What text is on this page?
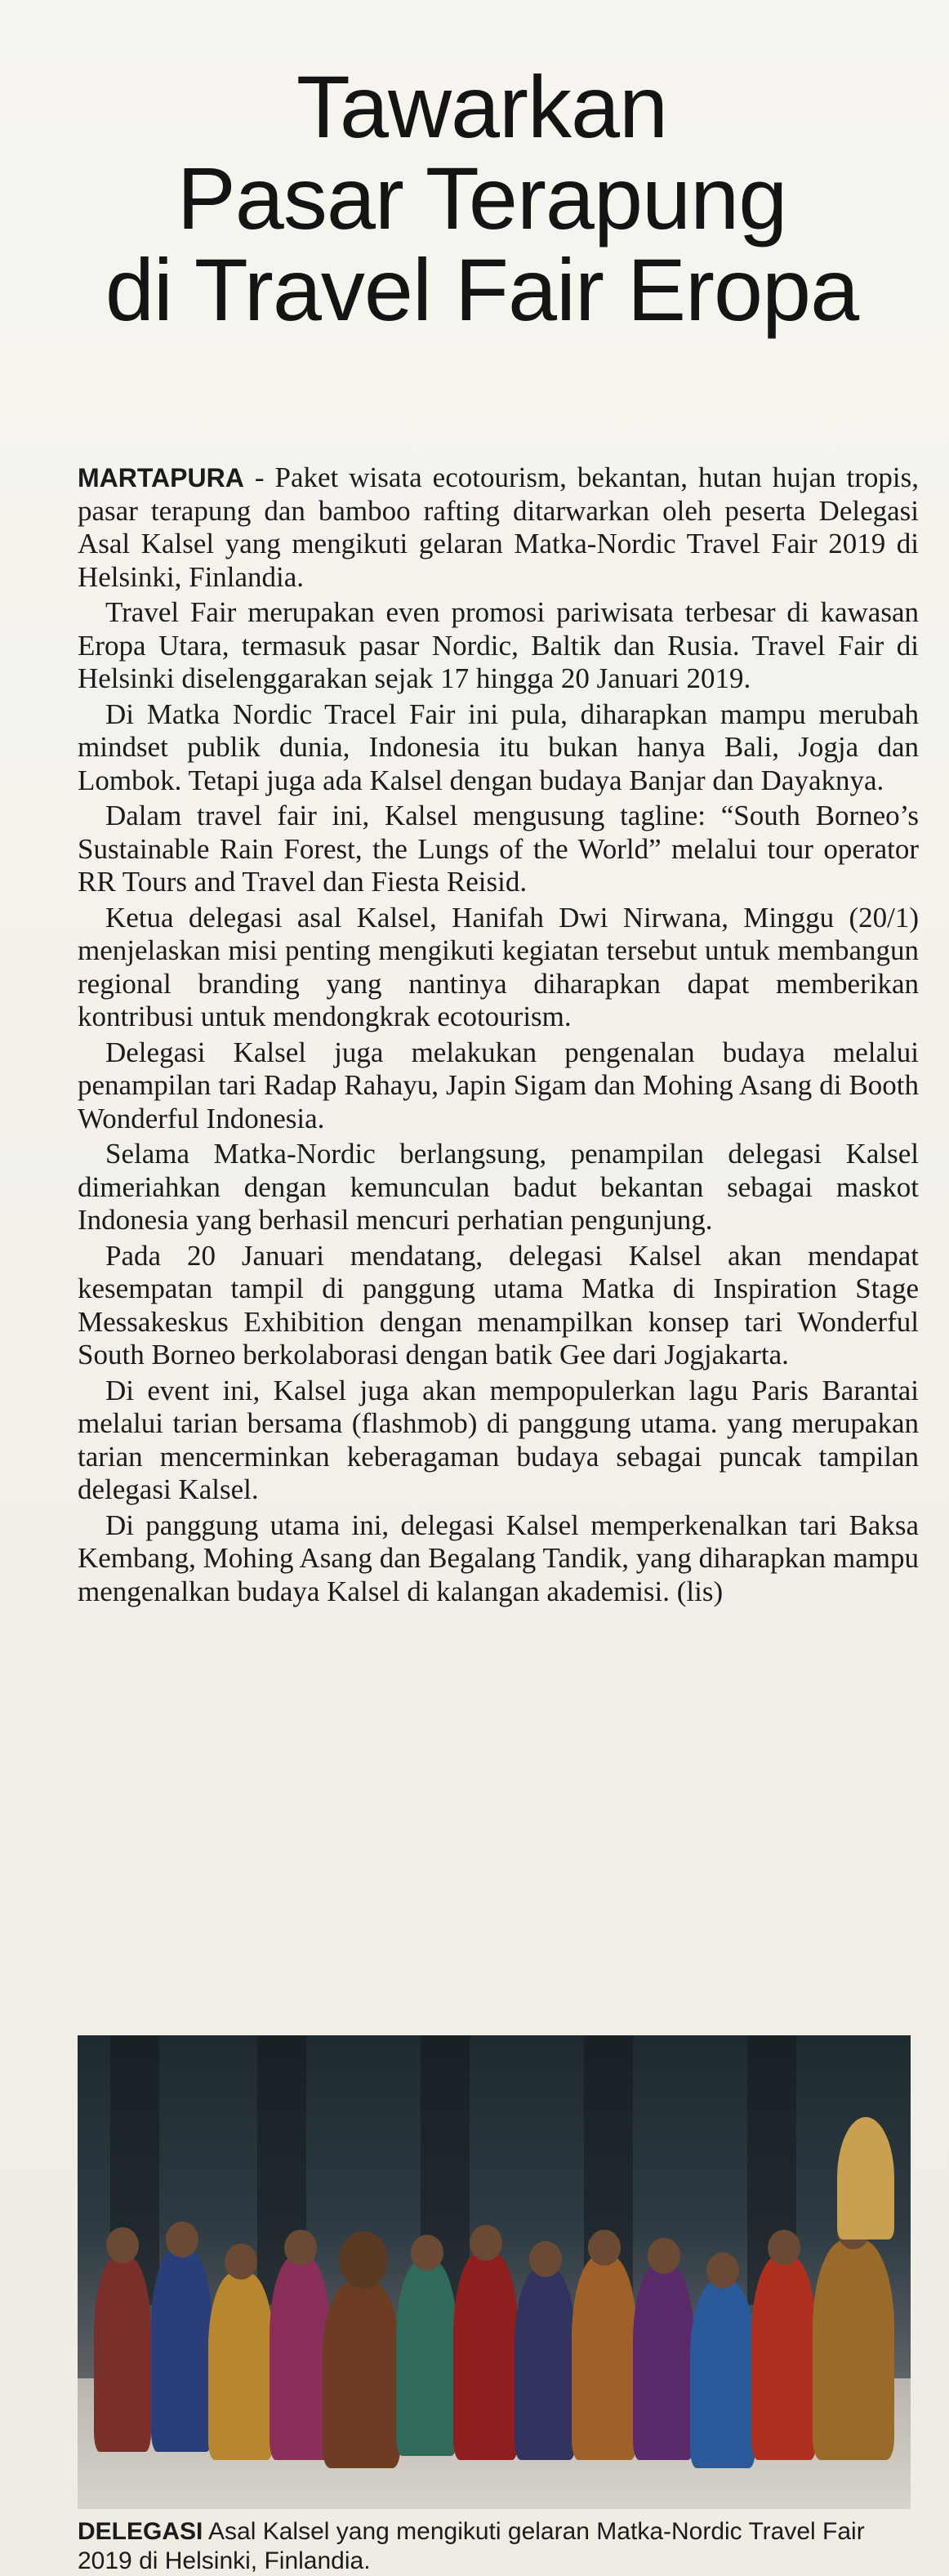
Tawarkan
Pasar Terapung
di Travel Fair Eropa

MARTAPURA - Paket wisata ecotourism, bekantan, hutan hujan tropis, pasar terapung dan bamboo rafting ditarwarkan oleh peserta Delegasi Asal Kalsel yang mengikuti gelaran Matka-Nordic Travel Fair 2019 di Helsinki, Finlandia.

Travel Fair merupakan even promosi pariwisata terbesar di kawasan Eropa Utara, termasuk pasar Nordic, Baltik dan Rusia. Travel Fair di Helsinki diselenggarakan sejak 17 hingga 20 Januari 2019.

Di Matka Nordic Tracel Fair ini pula, diharapkan mampu merubah mindset publik dunia, Indonesia itu bukan hanya Bali, Jogja dan Lombok. Tetapi juga ada Kalsel dengan budaya Banjar dan Dayaknya.

Dalam travel fair ini, Kalsel mengusung tagline: “South Borneo’s Sustainable Rain Forest, the Lungs of the World” melalui tour operator RR Tours and Travel dan Fiesta Reisid.

Ketua delegasi asal Kalsel, Hanifah Dwi Nirwana, Minggu (20/1) menjelaskan misi penting mengikuti kegiatan tersebut untuk membangun regional branding yang nantinya diharapkan dapat memberikan kontribusi untuk mendongkrak ecotourism.

Delegasi Kalsel juga melakukan pengenalan budaya melalui penampilan tari Radap Rahayu, Japin Sigam dan Mohing Asang di Booth Wonderful Indonesia.

Selama Matka-Nordic berlangsung, penampilan delegasi Kalsel dimeriahkan dengan kemunculan badut bekantan sebagai maskot Indonesia yang berhasil mencuri perhatian pengunjung.

Pada 20 Januari mendatang, delegasi Kalsel akan mendapat kesempatan tampil di panggung utama Matka di Inspiration Stage Messakeskus Exhibition dengan menampilkan konsep tari Wonderful South Borneo berkolaborasi dengan batik Gee dari Jogjakarta.

Di event ini, Kalsel juga akan mempopulerkan lagu Paris Barantai melalui tarian bersama (flashmob) di panggung utama. yang merupakan tarian mencerminkan keberagaman budaya sebagai puncak tampilan delegasi Kalsel.

Di panggung utama ini, delegasi Kalsel memperkenalkan tari Baksa Kembang, Mohing Asang dan Begalang Tandik, yang diharapkan mampu mengenalkan budaya Kalsel di kalangan akademisi. (lis)

DELEGASI Asal Kalsel yang mengikuti gelaran Matka-Nordic Travel Fair 2019 di Helsinki, Finlandia.
